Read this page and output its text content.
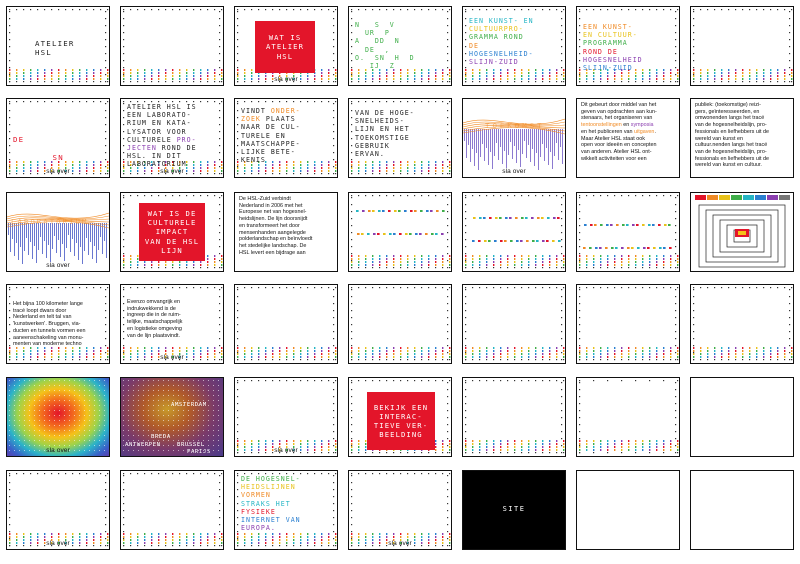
ATELIER
HSL
WAT IS
ATELIER
HSL
sla over
N   S  V
UR  P
A   DD  N
DE  ,
O.  SN  H  D
IJ  Z
EEN KUNST- EN
CULTUURPRO-
GRAMMA ROND
DE
HOGESNELHEID-
SLIJN-ZUID
EEN KUNST-
EN CULTUUR-
PROGRAMMA
ROND DE
HOGESNELHEID
SLIJN-ZUID
DE

SN
sla over
ATELIER HSL IS
EEN LABORATO-
RIUM EN KATA-
LYSATOR VOOR
CULTURELE PRO-
JECTEN ROND DE
HSL. IN DIT
LABORATORIUM
sla over
VINDT ONDER-
ZOEK PLAATS
NAAR DE CUL-
TURELE EN
MAATSCHAPPE-
LIJKE BETE-
KENIS
VAN DE HOGE-
SNELHEIDS-
LIJN EN HET
TOEKOMSTIGE
GEBRUIK
ERVAN.
TOEKOMST
sla over
Dit gebeurt door middel van het
geven van opdrachten aan kun-
stenaars, het organiseren van
tentoonstellingen en symposia
en het publiceren van uitgaven.
Maar Atelier HSL staat ook
open voor ideeën en concepten
van anderen. Atelier HSL ont-
wikkelt activiteiten voor een
publiek: (toekomstige) reizi-
gers, geïnteresseerden, en
omwonenden langs het tracé
van de hogesnelheidslijn, pro-
fessionals en liefhebbers uit de
wereld van kunst en
cultuur.nenden langs het tracé
van de hogesnelheidslijn, pro-
fessionals en liefhebbers uit de
wereld van kunst en cultuur.
LABORATORIUM
sla over
WAT IS DE
CULTURELE
IMPACT
VAN DE HSL
LIJN
De HSL-Zuid verbindt
Nederland in 2006 met het
Europese net van hogesnel-
heidslijnen. De lijn doorsnijdt
en transformeert het door
mensenhanden aangelegde
polderlandschap en beïnvloedt
het stedelijke landschap. De
HSL levert een bijdrage aan
Het bijna 100 kilometer lange
tracé loopt dwars door
Nederland en telt tal van
'kunstwerken'. Bruggen, via-
ducten en tunnels vormen een
aaneenschakeling van monu-
menten van moderne techno
Evenzo omvangrijk en
indrukwekkend is de
ingreep die in de ruim-
telijke, maatschappelijk
en logistieke omgeving
van de lijn plaatsvindt.
sla over
sla over
AMSTERDAM
BREDA
ANTWERPEN	BRUSSEL
PARIJS	sla over
BEKIJK EEN
INTERAC-
TIEVE VER-
BEELDING
sla over
DE HOGESNEL-
HEIDSLIJNEN
VORMEN
STRAKS HET
FYSIEKE
INTERNET VAN
EUROPA.
sla over
SITE
